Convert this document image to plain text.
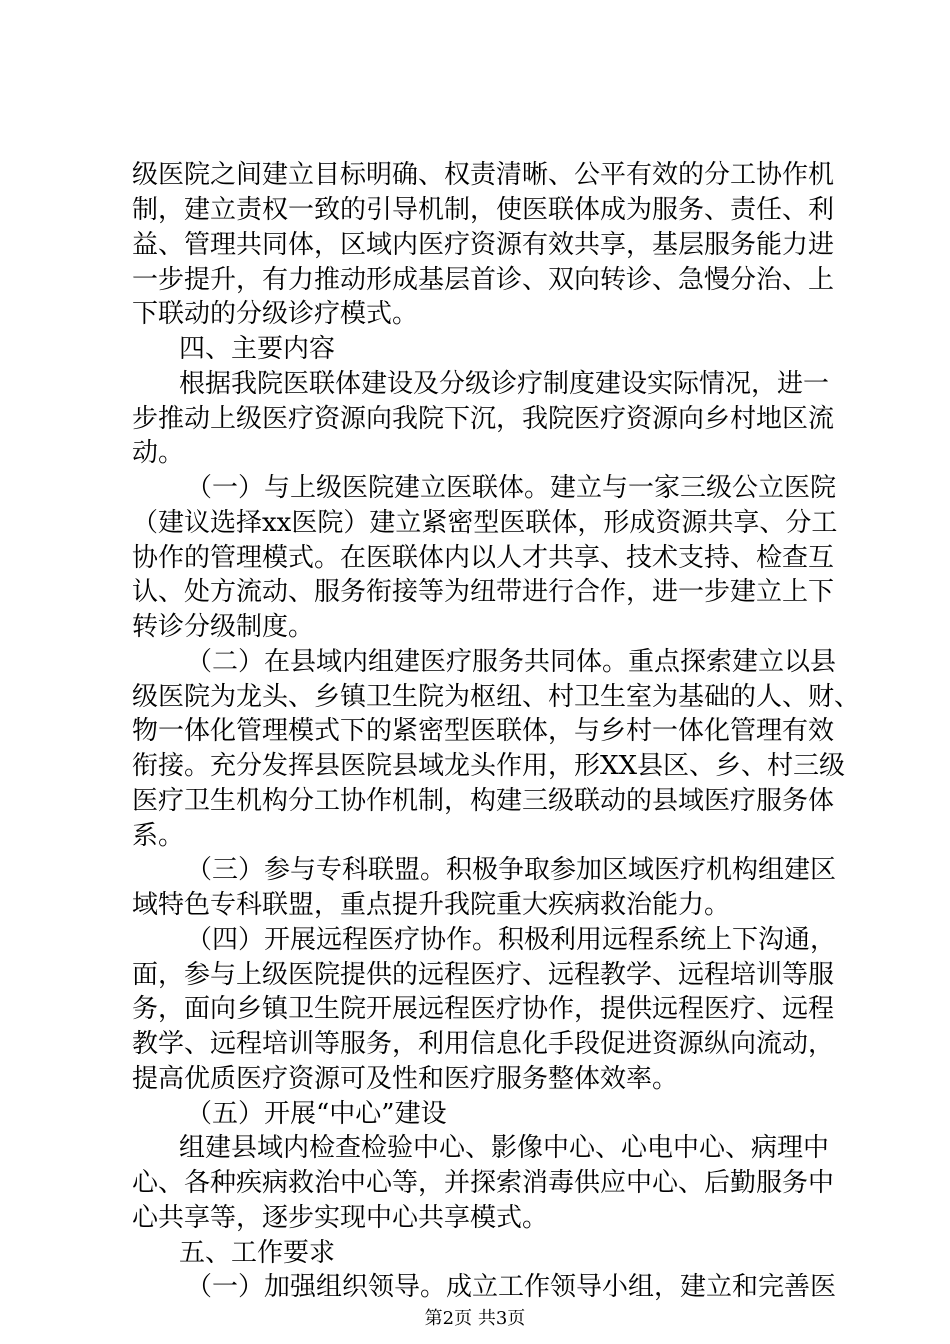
级医院之间建立目标明确、权责清晰、公平有效的分工协作机
制，建立责权一致的引导机制，使医联体成为服务、责任、利
益、管理共同体，区域内医疗资源有效共享，基层服务能力进
一步提升，有力推动形成基层首诊、双向转诊、急慢分治、上
下联动的分级诊疗模式。
四、主要内容
根据我院医联体建设及分级诊疗制度建设实际情况，进一
步推动上级医疗资源向我院下沉，我院医疗资源向乡村地区流
动。
（一）与上级医院建立医联体。建立与一家三级公立医院
（建议选择xx医院）建立紧密型医联体，形成资源共享、分工
协作的管理模式。在医联体内以人才共享、技术支持、检查互
认、处方流动、服务衔接等为纽带进行合作，进一步建立上下
转诊分级制度。
（二）在县域内组建医疗服务共同体。重点探索建立以县
级医院为龙头、乡镇卫生院为枢纽、村卫生室为基础的人、财、
物一体化管理模式下的紧密型医联体，与乡村一体化管理有效
衔接。充分发挥县医院县域龙头作用，形XX县区、乡、村三级
医疗卫生机构分工协作机制，构建三级联动的县域医疗服务体
系。
（三）参与专科联盟。积极争取参加区域医疗机构组建区
域特色专科联盟，重点提升我院重大疾病救治能力。
（四）开展远程医疗协作。积极利用远程系统上下沟通，
面，参与上级医院提供的远程医疗、远程教学、远程培训等服
务，面向乡镇卫生院开展远程医疗协作，提供远程医疗、远程
教学、远程培训等服务，利用信息化手段促进资源纵向流动，
提高优质医疗资源可及性和医疗服务整体效率。
（五）开展“中心”建设
组建县域内检查检验中心、影像中心、心电中心、病理中
心、各种疾病救治中心等，并探索消毒供应中心、后勤服务中
心共享等，逐步实现中心共享模式。
五、工作要求
（一）加强组织领导。成立工作领导小组，建立和完善医
第2页 共3页
